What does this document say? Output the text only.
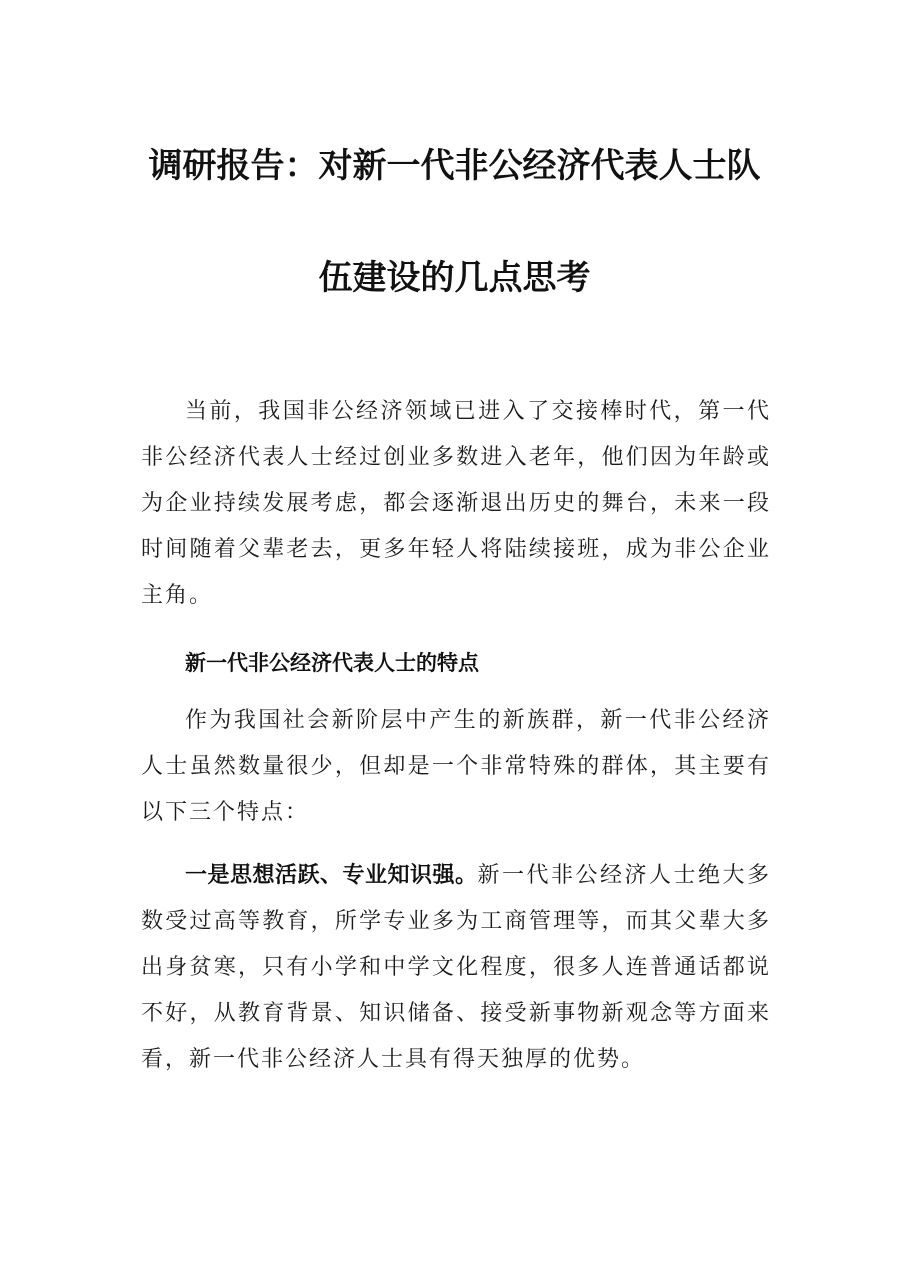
调研报告：对新一代非公经济代表人士队
伍建设的几点思考

当前，我国非公经济领域已进入了交接棒时代，第一代非公经济代表人士经过创业多数进入老年，他们因为年龄或为企业持续发展考虑，都会逐渐退出历史的舞台，未来一段时间随着父辈老去，更多年轻人将陆续接班，成为非公企业主角。

新一代非公经济代表人士的特点

作为我国社会新阶层中产生的新族群，新一代非公经济人士虽然数量很少，但却是一个非常特殊的群体，其主要有以下三个特点：

一是思想活跃、专业知识强。新一代非公经济人士绝大多数受过高等教育，所学专业多为工商管理等，而其父辈大多出身贫寒，只有小学和中学文化程度，很多人连普通话都说不好，从教育背景、知识储备、接受新事物新观念等方面来看，新一代非公经济人士具有得天独厚的优势。
